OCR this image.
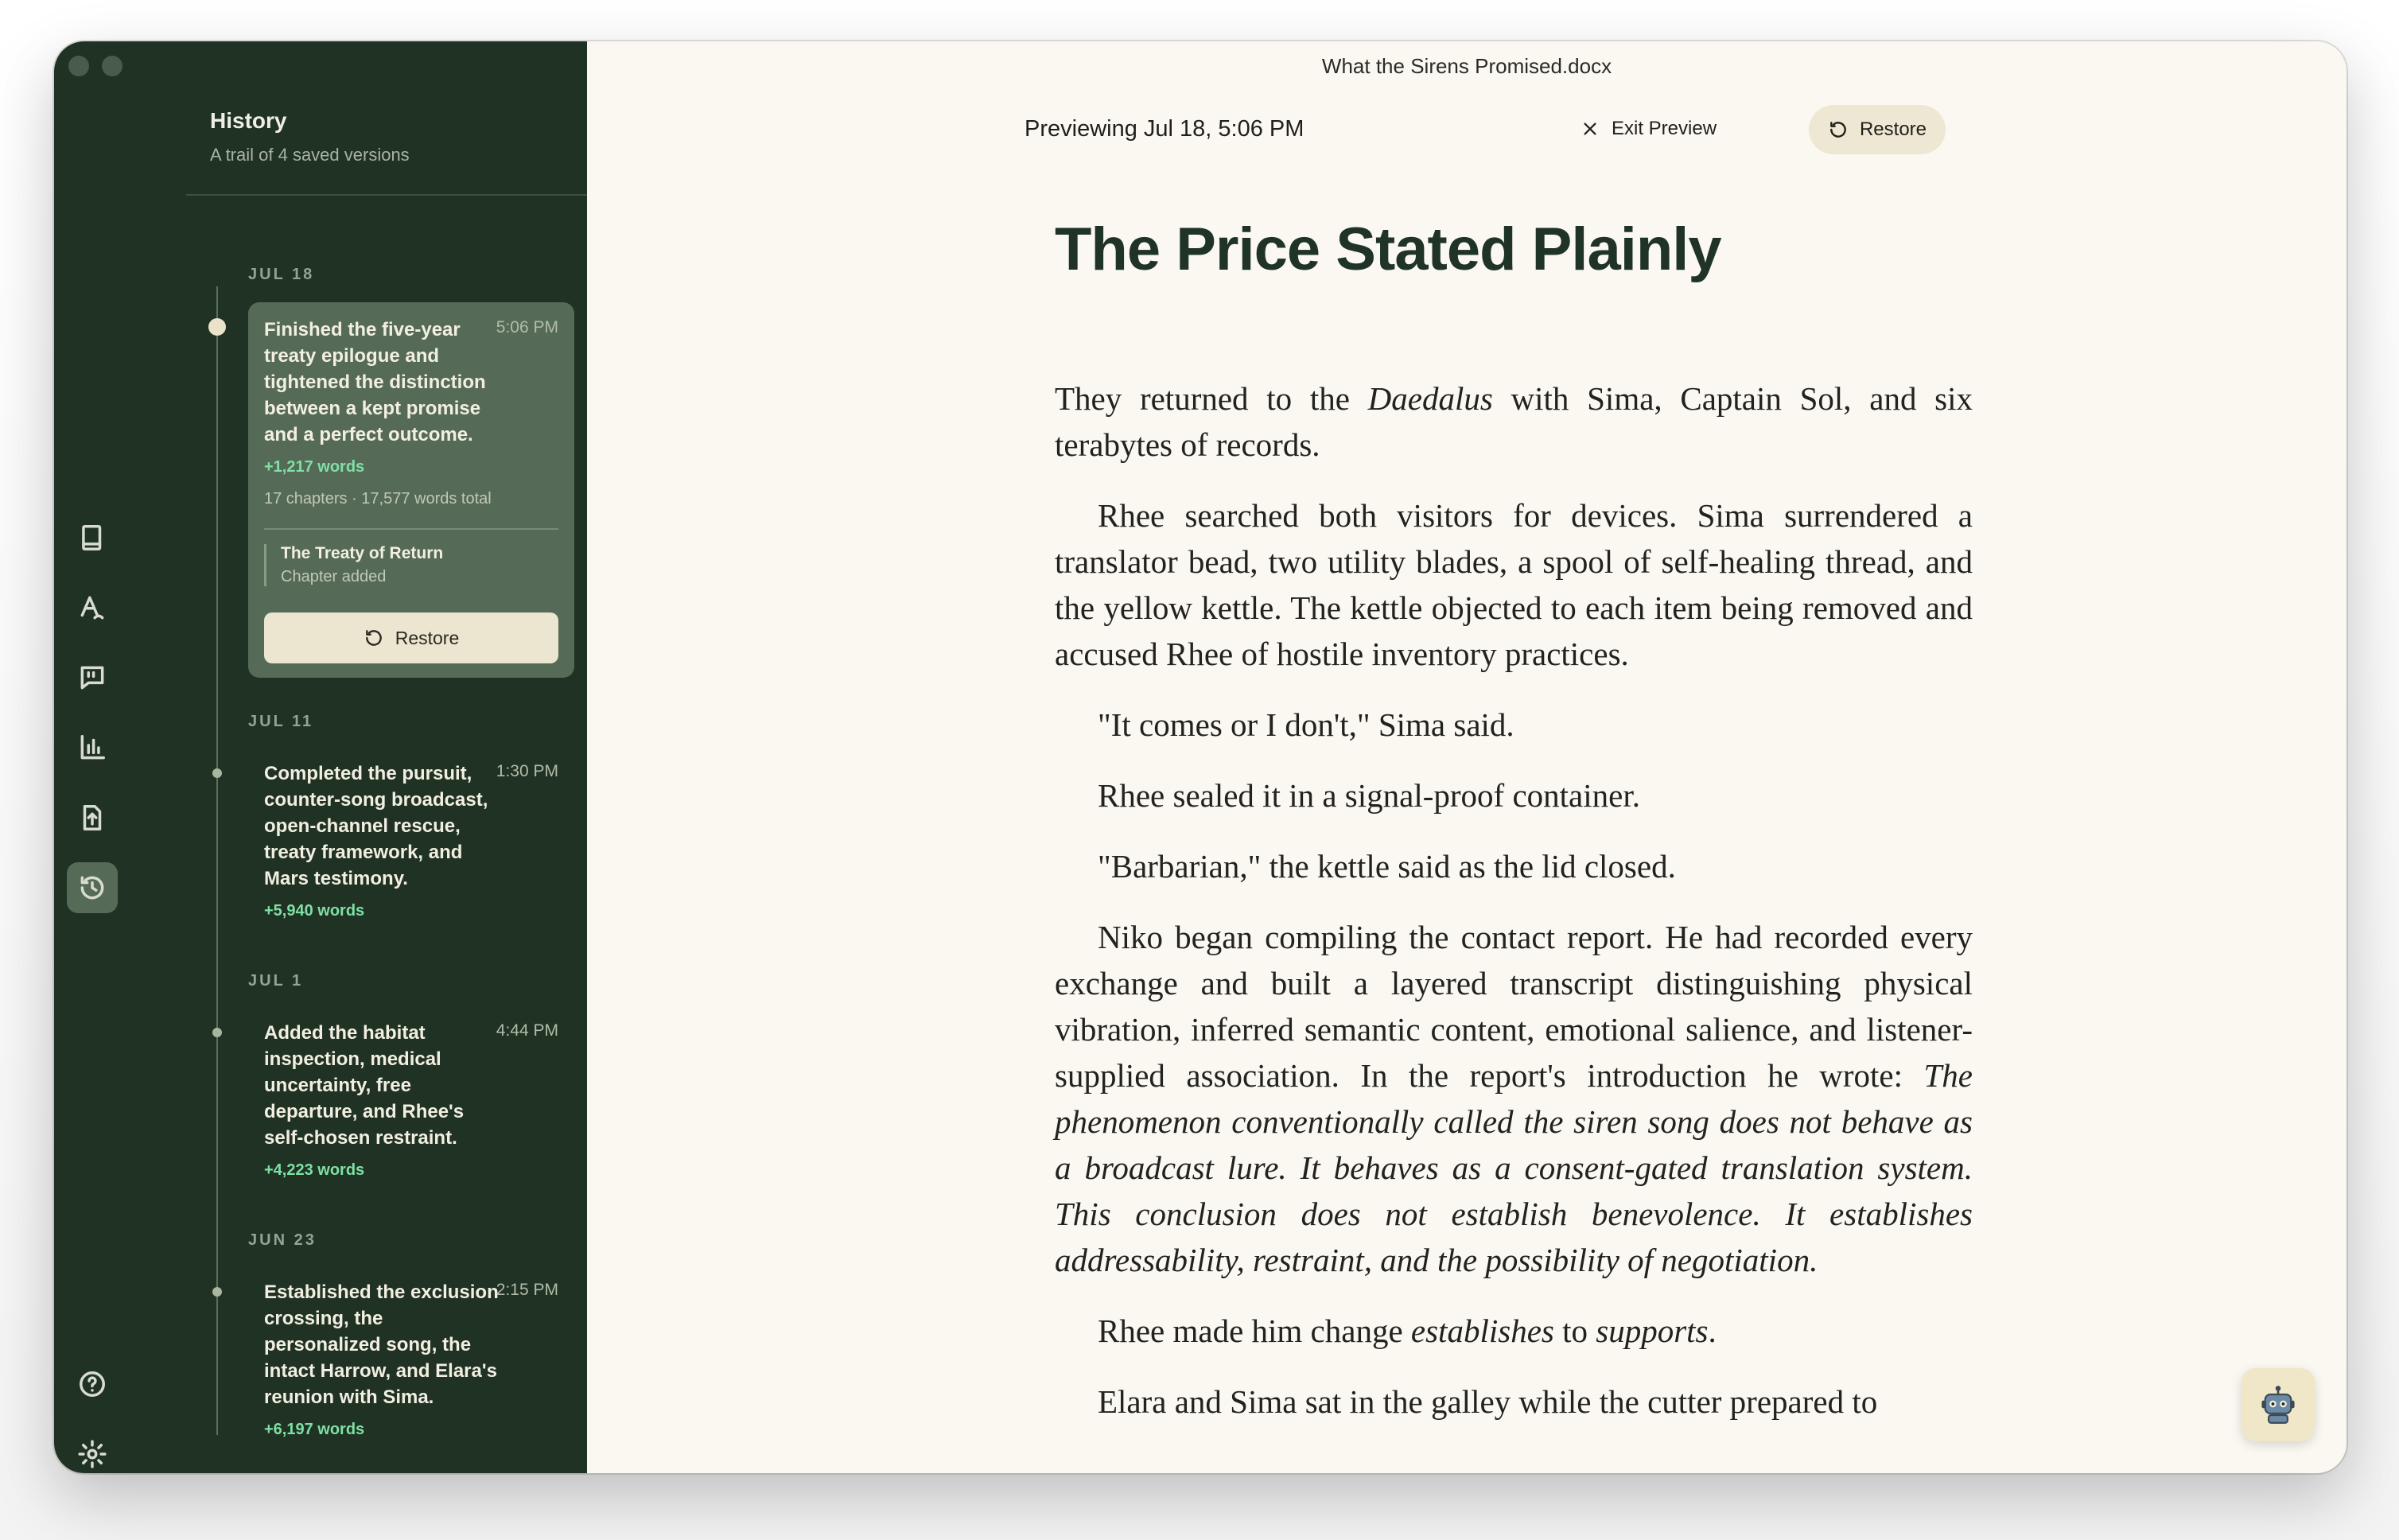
History
A trail of 4 saved versions
JUL 18
Finished the five-year treaty epilogue and tightened the distinction between a kept promise and a perfect outcome.
5:06 PM
+1,217 words
17 chapters · 17,577 words total
The Treaty of Return
Chapter added
Restore
JUL 11
Completed the pursuit, counter-song broadcast, open-channel rescue, treaty framework, and Mars testimony.
1:30 PM
+5,940 words
JUL 1
Added the habitat inspection, medical uncertainty, free departure, and Rhee's self-chosen restraint.
4:44 PM
+4,223 words
JUN 23
Established the exclusion crossing, the personalized song, the intact Harrow, and Elara's reunion with Sima.
2:15 PM
+6,197 words
What the Sirens Promised.docx
Previewing Jul 18, 5:06 PM	Exit Preview	Restore
The Price Stated Plainly

They returned to the Daedalus with Sima, Captain Sol, and six terabytes of records.

Rhee searched both visitors for devices. Sima surrendered a translator bead, two utility blades, a spool of self-healing thread, and the yellow kettle. The kettle objected to each item being removed and accused Rhee of hostile inventory practices.

"It comes or I don't," Sima said.

Rhee sealed it in a signal-proof container.

"Barbarian," the kettle said as the lid closed.

Niko began compiling the contact report. He had recorded every exchange and built a layered transcript distinguishing physical vibration, inferred semantic content, emotional salience, and listener-supplied association. In the report's introduction he wrote: The phenomenon conventionally called the siren song does not behave as a broadcast lure. It behaves as a consent-gated translation system. This conclusion does not establish benevolence. It establishes addressability, restraint, and the possibility of negotiation.

Rhee made him change establishes to supports.

Elara and Sima sat in the galley while the cutter prepared to
